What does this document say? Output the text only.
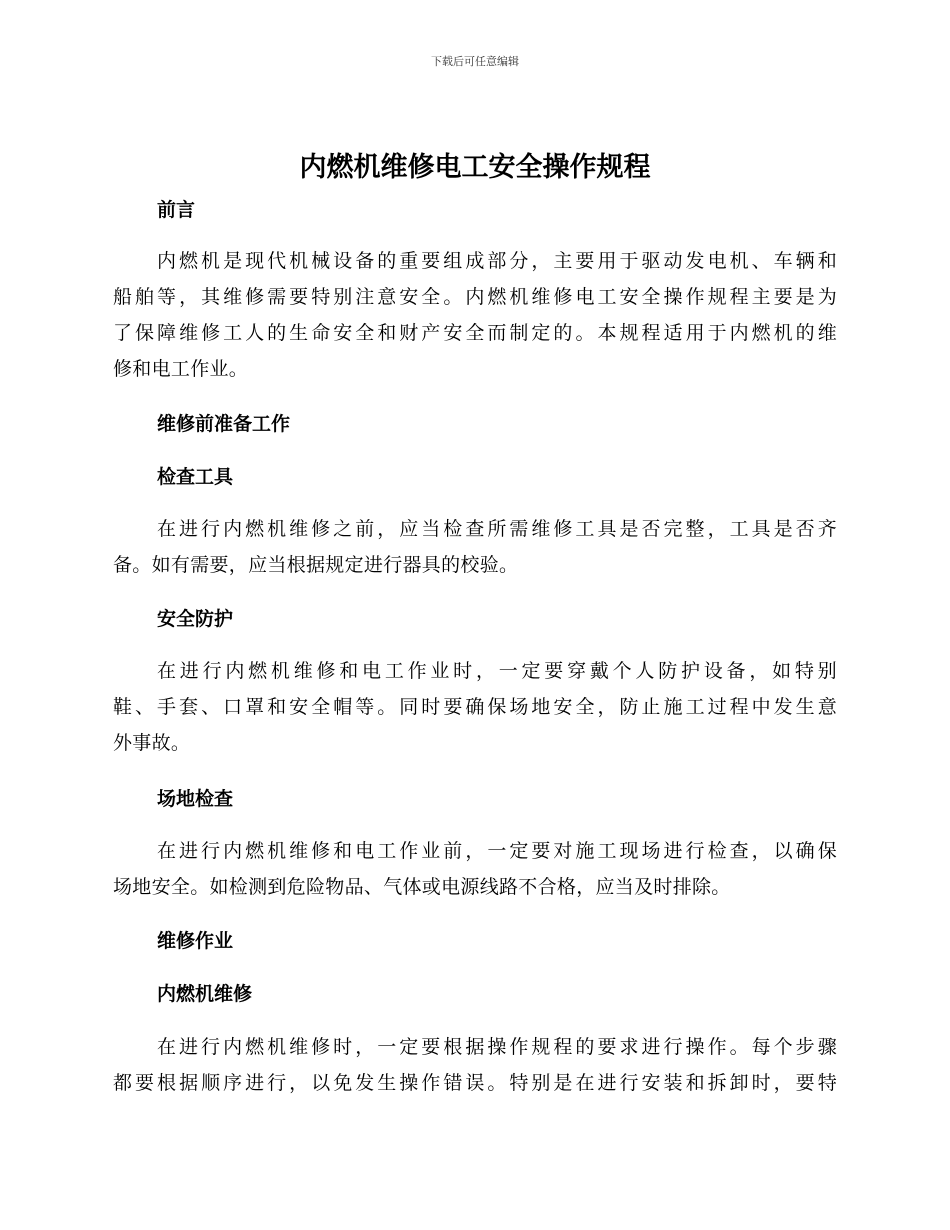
下载后可任意编辑
内燃机维修电工安全操作规程
前言
内燃机是现代机械设备的重要组成部分，主要用于驱动发电机、车辆和
船舶等，其维修需要特别注意安全。内燃机维修电工安全操作规程主要是为
了保障维修工人的生命安全和财产安全而制定的。本规程适用于内燃机的维
修和电工作业。
维修前准备工作
检查工具
在进行内燃机维修之前，应当检查所需维修工具是否完整，工具是否齐
备。如有需要，应当根据规定进行器具的校验。
安全防护
在进行内燃机维修和电工作业时，一定要穿戴个人防护设备，如特别
鞋、手套、口罩和安全帽等。同时要确保场地安全，防止施工过程中发生意
外事故。
场地检查
在进行内燃机维修和电工作业前，一定要对施工现场进行检查，以确保
场地安全。如检测到危险物品、气体或电源线路不合格，应当及时排除。
维修作业
内燃机维修
在进行内燃机维修时，一定要根据操作规程的要求进行操作。每个步骤
都要根据顺序进行，以免发生操作错误。特别是在进行安装和拆卸时，要特
